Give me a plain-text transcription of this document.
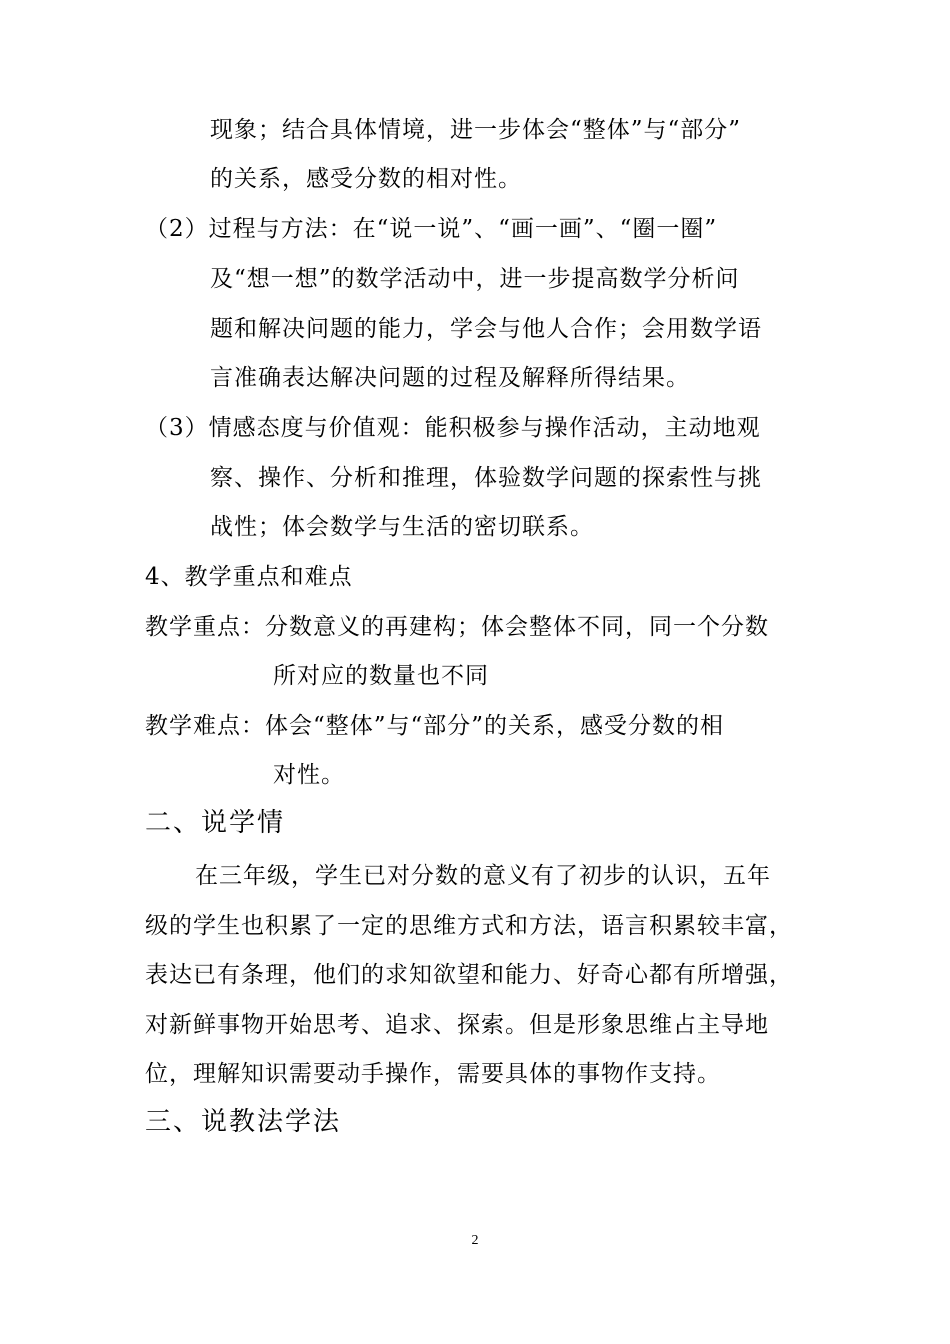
现象；结合具体情境，进一步体会“整体”与“部分”
的关系，感受分数的相对性。
（2）过程与方法：在“说一说”、“画一画”、“圈一圈”
及“想一想”的数学活动中，进一步提高数学分析问
题和解决问题的能力，学会与他人合作；会用数学语
言准确表达解决问题的过程及解释所得结果。
（3）情感态度与价值观：能积极参与操作活动，主动地观
察、操作、分析和推理，体验数学问题的探索性与挑
战性；体会数学与生活的密切联系。
4、教学重点和难点
教学重点：分数意义的再建构；体会整体不同，同一个分数
所对应的数量也不同
教学难点：体会“整体”与“部分”的关系，感受分数的相
对性。
二、说学情
在三年级，学生已对分数的意义有了初步的认识，五年
级的学生也积累了一定的思维方式和方法，语言积累较丰富，
表达已有条理，他们的求知欲望和能力、好奇心都有所增强，
对新鲜事物开始思考、追求、探索。但是形象思维占主导地
位，理解知识需要动手操作，需要具体的事物作支持。
三、说教法学法
2
